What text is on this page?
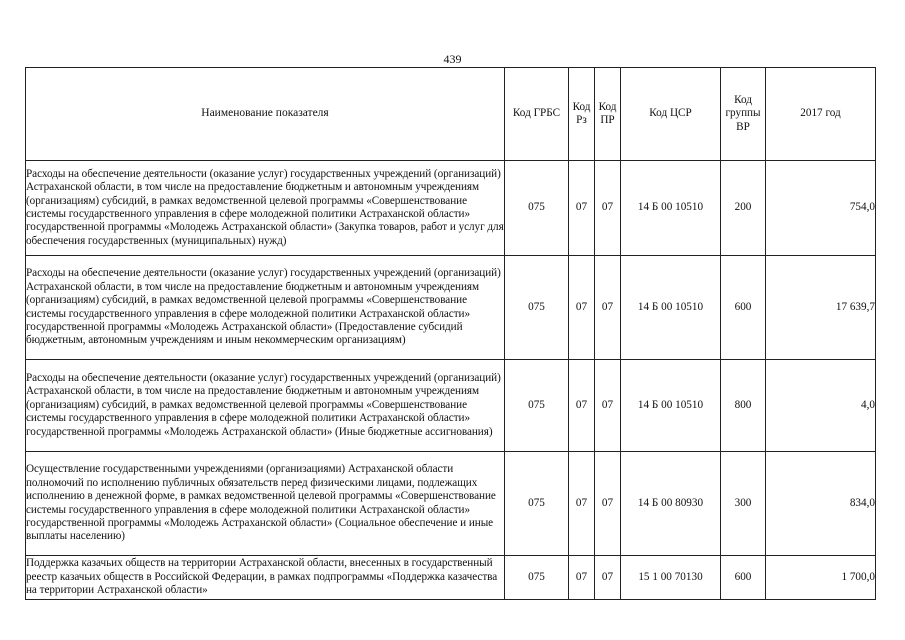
439
Наименование показателя	Код ГРБС	Код Рз	Код ПР	Код ЦСР	Код группы ВР	2017 год
Расходы на обеспечение деятельности (оказание услуг) государственных учреждений (организаций) Астраханской области, в том числе на предоставление бюджетным и автономным учреждениям (организациям) субсидий, в рамках ведомственной целевой программы «Совершенствование системы государственного управления в сфере молодежной политики Астраханской области» государственной программы «Молодежь Астраханской области» (Закупка товаров, работ и услуг для обеспечения государственных (муниципальных) нужд)	075	07	07	14 Б 00 10510	200	754,0
Расходы на обеспечение деятельности (оказание услуг) государственных учреждений (организаций) Астраханской области, в том числе на предоставление бюджетным и автономным учреждениям (организациям) субсидий, в рамках ведомственной целевой программы «Совершенствование системы государственного управления в сфере молодежной политики Астраханской области» государственной программы «Молодежь Астраханской области» (Предоставление субсидий бюджетным, автономным учреждениям и иным некоммерческим организациям)	075	07	07	14 Б 00 10510	600	17 639,7
Расходы на обеспечение деятельности (оказание услуг) государственных учреждений (организаций) Астраханской области, в том числе на предоставление бюджетным и автономным учреждениям (организациям) субсидий, в рамках ведомственной целевой программы «Совершенствование системы государственного управления в сфере молодежной политики Астраханской области» государственной программы «Молодежь Астраханской области» (Иные бюджетные ассигнования)	075	07	07	14 Б 00 10510	800	4,0
Осуществление государственными учреждениями (организациями) Астраханской области полномочий по исполнению публичных обязательств перед физическими лицами, подлежащих исполнению в денежной форме, в рамках ведомственной целевой программы «Совершенствование системы государственного управления в сфере молодежной политики Астраханской области» государственной программы «Молодежь Астраханской области» (Социальное обеспечение и иные выплаты населению)	075	07	07	14 Б 00 80930	300	834,0
Поддержка казачьих обществ на территории Астраханской области, внесенных в государственный реестр казачьих обществ в Российской Федерации, в рамках подпрограммы «Поддержка казачества на территории Астраханской области»	075	07	07	15 1 00 70130	600	1 700,0
